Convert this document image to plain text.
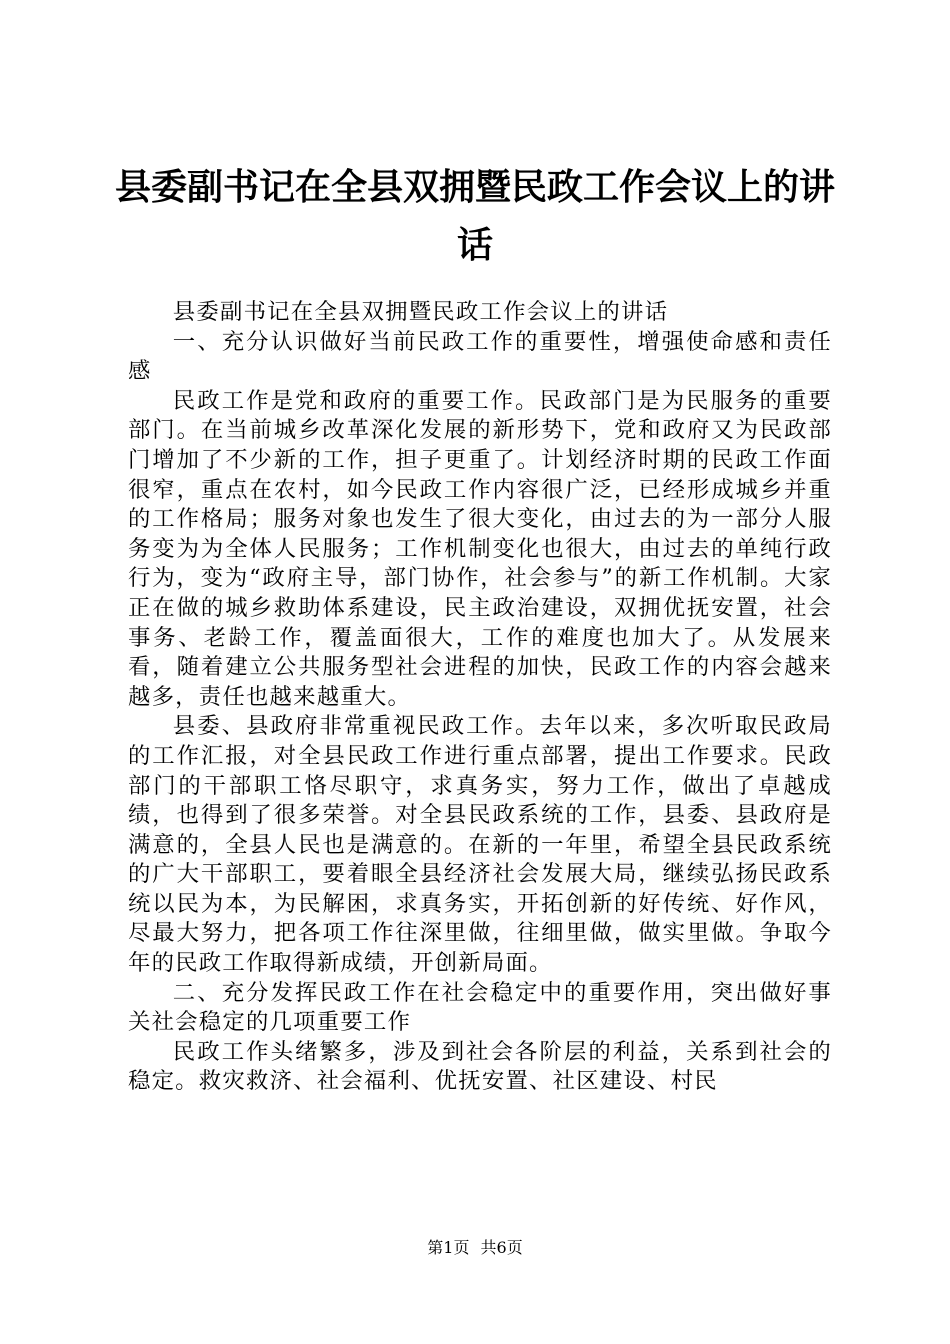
县委副书记在全县双拥暨民政工作会议上的讲话

县委副书记在全县双拥暨民政工作会议上的讲话

一、充分认识做好当前民政工作的重要性，增强使命感和责任感

民政工作是党和政府的重要工作。民政部门是为民服务的重要部门。在当前城乡改革深化发展的新形势下，党和政府又为民政部门增加了不少新的工作，担子更重了。计划经济时期的民政工作面很窄，重点在农村，如今民政工作内容很广泛，已经形成城乡并重的工作格局；服务对象也发生了很大变化，由过去的为一部分人服务变为为全体人民服务；工作机制变化也很大，由过去的单纯行政行为，变为“政府主导，部门协作，社会参与”的新工作机制。大家正在做的城乡救助体系建设，民主政治建设，双拥优抚安置，社会事务、老龄工作，覆盖面很大，工作的难度也加大了。从发展来看，随着建立公共服务型社会进程的加快，民政工作的内容会越来越多，责任也越来越重大。

县委、县政府非常重视民政工作。去年以来，多次听取民政局的工作汇报，对全县民政工作进行重点部署，提出工作要求。民政部门的干部职工恪尽职守，求真务实，努力工作，做出了卓越成绩，也得到了很多荣誉。对全县民政系统的工作，县委、县政府是满意的，全县人民也是满意的。在新的一年里，希望全县民政系统的广大干部职工，要着眼全县经济社会发展大局，继续弘扬民政系统以民为本，为民解困，求真务实，开拓创新的好传统、好作风，尽最大努力，把各项工作往深里做，往细里做，做实里做。争取今年的民政工作取得新成绩，开创新局面。

二、充分发挥民政工作在社会稳定中的重要作用，突出做好事关社会稳定的几项重要工作

民政工作头绪繁多，涉及到社会各阶层的利益，关系到社会的稳定。救灾救济、社会福利、优抚安置、社区建设、村民

第1页 共6页
